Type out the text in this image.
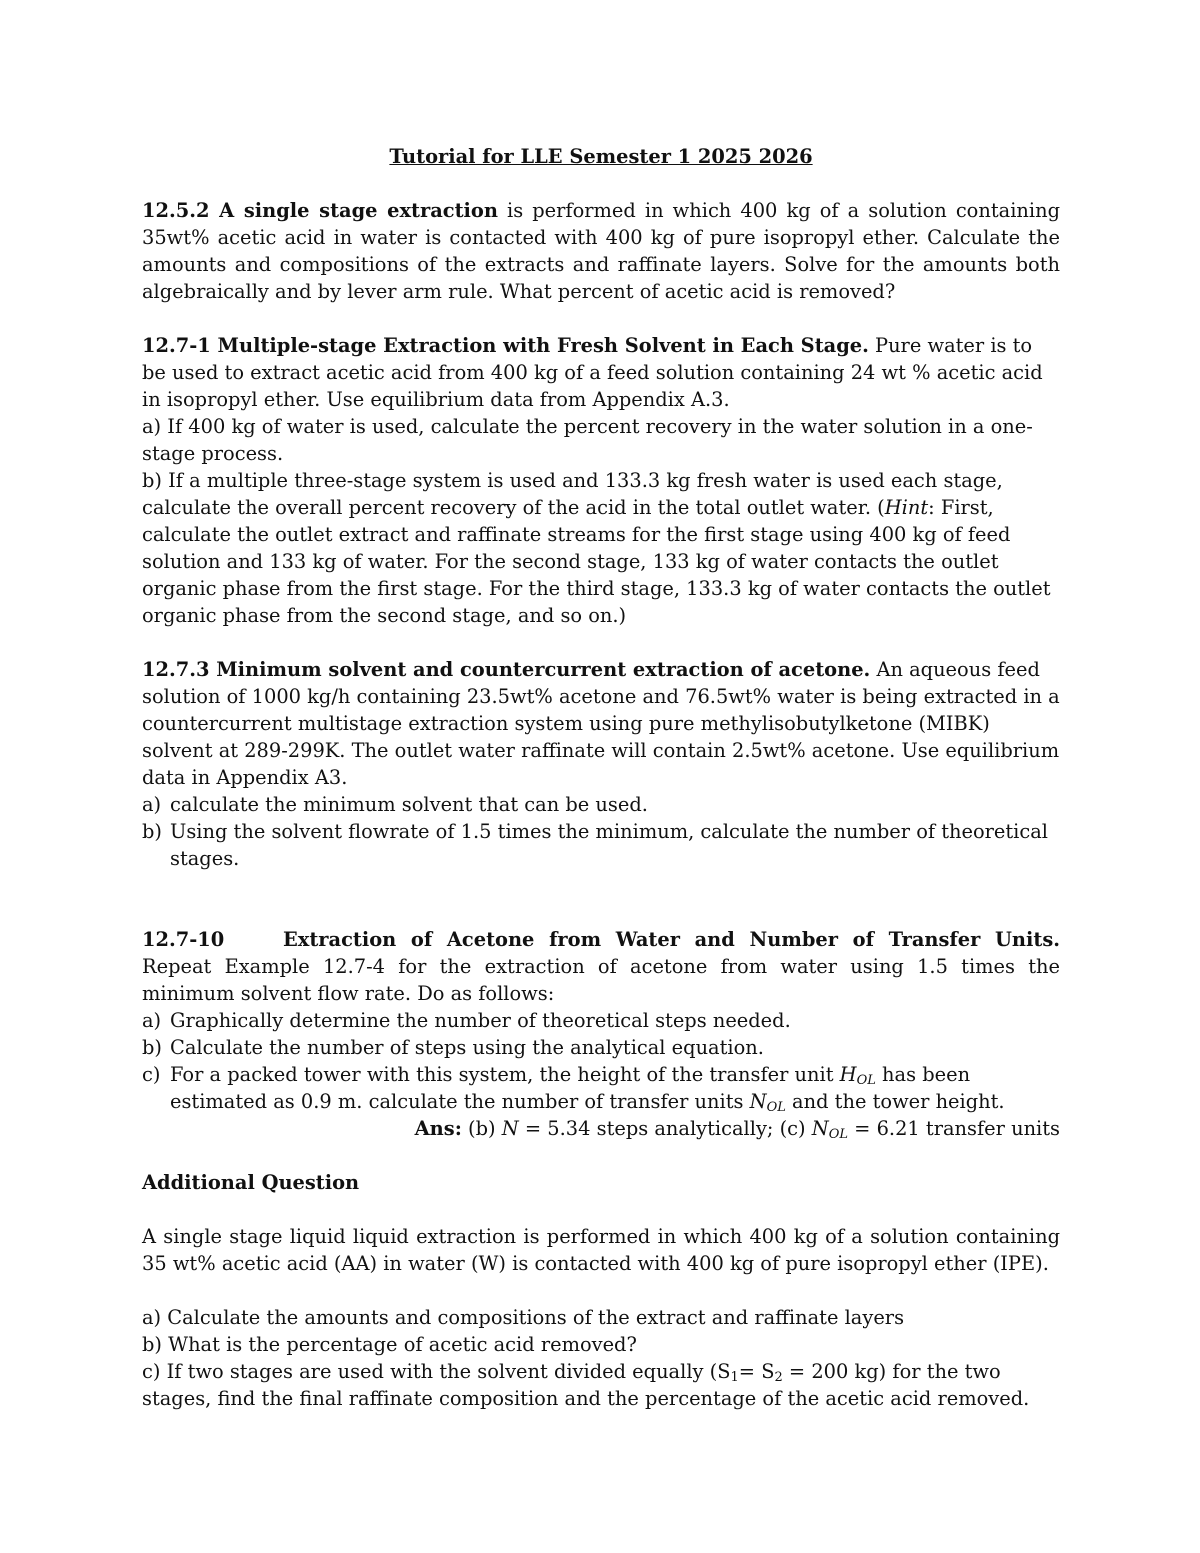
Tutorial for LLE Semester 1 2025 2026

12.5.2 A single stage extraction is performed in which 400 kg of a solution containing 35wt% acetic acid in water is contacted with 400 kg of pure isopropyl ether. Calculate the amounts and compositions of the extracts and raffinate layers. Solve for the amounts both algebraically and by lever arm rule. What percent of acetic acid is removed?

12.7-1 Multiple-stage Extraction with Fresh Solvent in Each Stage. Pure water is to be used to extract acetic acid from 400 kg of a feed solution containing 24 wt % acetic acid in isopropyl ether. Use equilibrium data from Appendix A.3.

a) If 400 kg of water is used, calculate the percent recovery in the water solution in a one-stage process.

b) If a multiple three-stage system is used and 133.3 kg fresh water is used each stage, calculate the overall percent recovery of the acid in the total outlet water. (Hint: First, calculate the outlet extract and raffinate streams for the first stage using 400 kg of feed solution and 133 kg of water. For the second stage, 133 kg of water contacts the outlet organic phase from the first stage. For the third stage, 133.3 kg of water contacts the outlet organic phase from the second stage, and so on.)

12.7.3 Minimum solvent and countercurrent extraction of acetone. An aqueous feed solution of 1000 kg/h containing 23.5wt% acetone and 76.5wt% water is being extracted in a countercurrent multistage extraction system using pure methylisobutylketone (MIBK) solvent at 289-299K. The outlet water raffinate will contain 2.5wt% acetone. Use equilibrium data in Appendix A3.

a) calculate the minimum solvent that can be used.
b) Using the solvent flowrate of 1.5 times the minimum, calculate the number of theoretical stages.

12.7-10	Extraction of Acetone from Water and Number of Transfer Units. Repeat Example 12.7-4 for the extraction of acetone from water using 1.5 times the minimum solvent flow rate. Do as follows:

a) Graphically determine the number of theoretical steps needed.
b) Calculate the number of steps using the analytical equation.
c) For a packed tower with this system, the height of the transfer unit $H_{OL}$ has been estimated as 0.9 m. calculate the number of transfer units $N_{OL}$ and the tower height.

Ans: (b) N = 5.34 steps analytically; (c) $N_{OL} = 6.21$ transfer units

Additional Question

A single stage liquid liquid extraction is performed in which 400 kg of a solution containing 35 wt% acetic acid (AA) in water (W) is contacted with 400 kg of pure isopropyl ether (IPE).

a) Calculate the amounts and compositions of the extract and raffinate layers

b) What is the percentage of acetic acid removed?

c) If two stages are used with the solvent divided equally ($S_1= S_2 = 200$ kg) for the two stages, find the final raffinate composition and the percentage of the acetic acid removed.
